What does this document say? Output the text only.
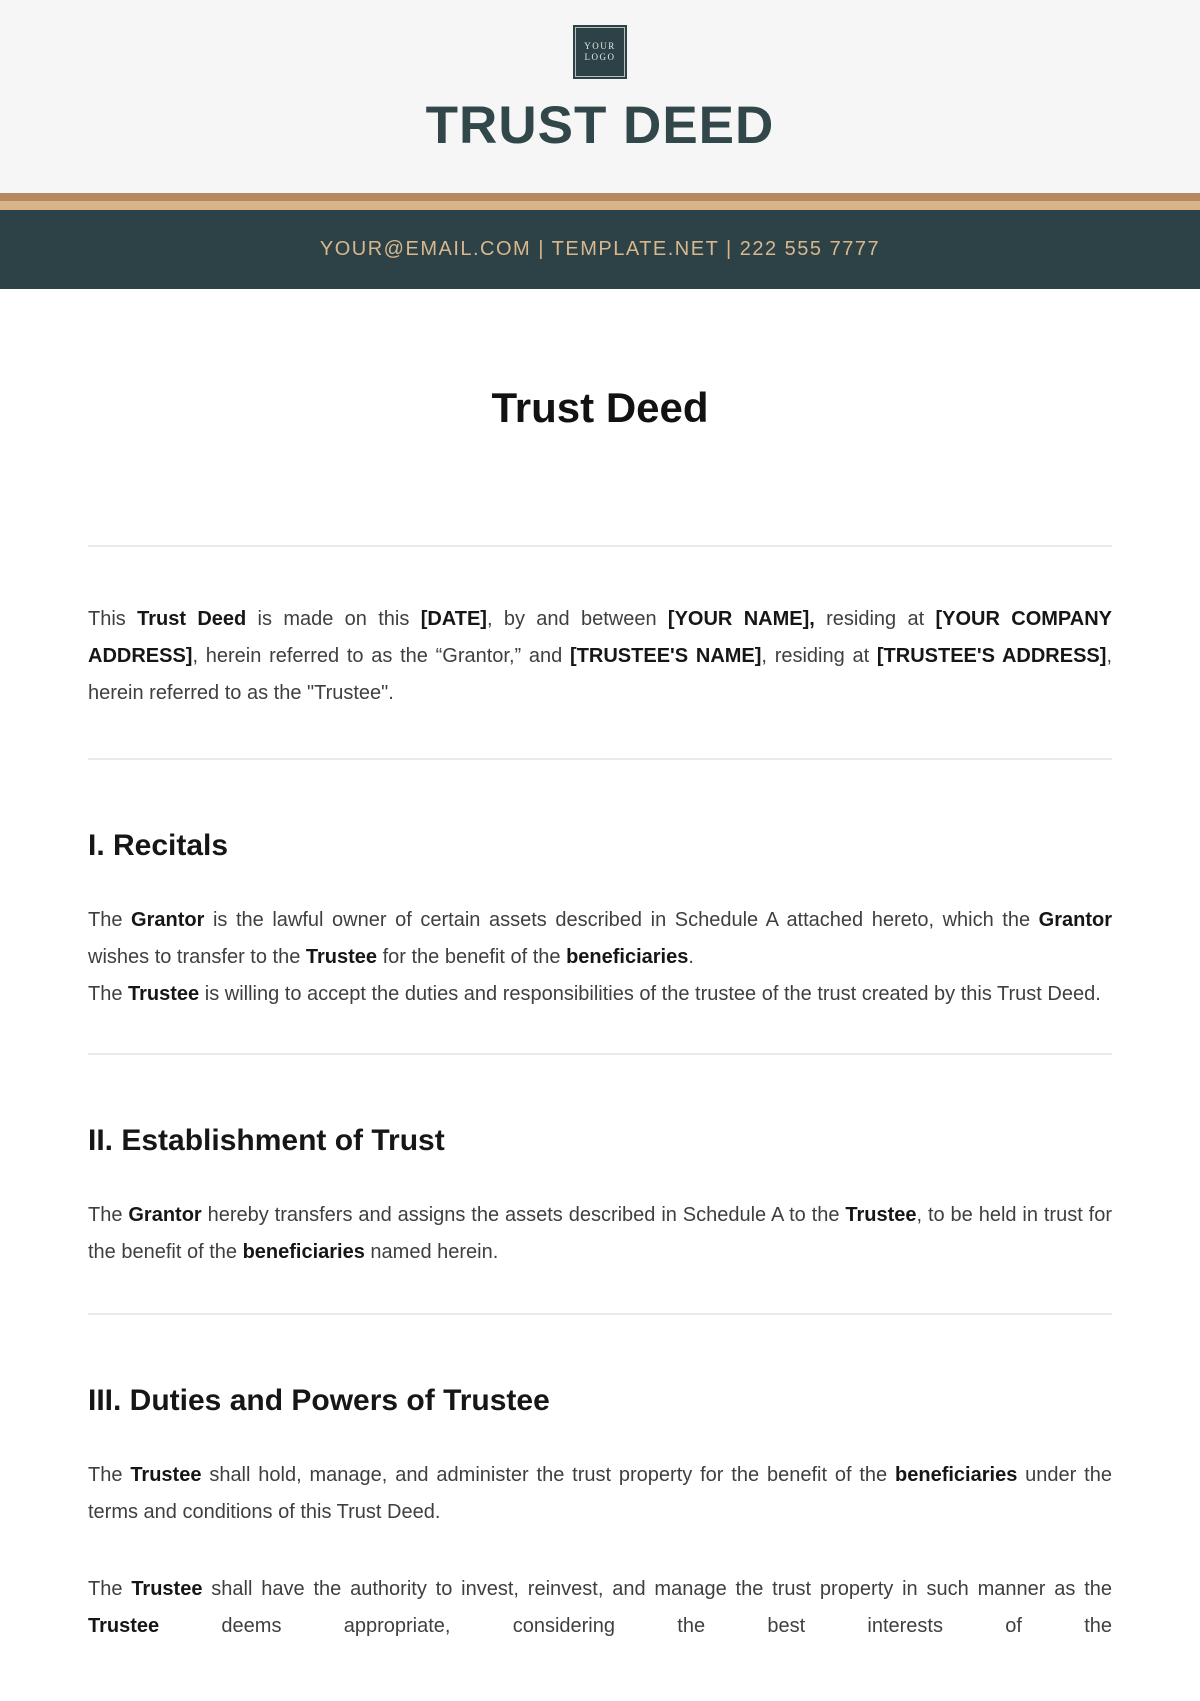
YOUR
LOGO
TRUST DEED
YOUR@EMAIL.COM | TEMPLATE.NET | 222 555 7777
Trust Deed

This Trust Deed is made on this [DATE], by and between [YOUR NAME], residing at [YOUR COMPANY ADDRESS], herein referred to as the “Grantor,” and [TRUSTEE'S NAME], residing at [TRUSTEE'S ADDRESS], herein referred to as the "Trustee".

I. Recitals

The Grantor is the lawful owner of certain assets described in Schedule A attached hereto, which the Grantor wishes to transfer to the Trustee for the benefit of the beneficiaries.

The Trustee is willing to accept the duties and responsibilities of the trustee of the trust created by this Trust Deed.

II. Establishment of Trust

The Grantor hereby transfers and assigns the assets described in Schedule A to the Trustee, to be held in trust for the benefit of the beneficiaries named herein.

III. Duties and Powers of Trustee

The Trustee shall hold, manage, and administer the trust property for the benefit of the beneficiaries under the terms and conditions of this Trust Deed.

The Trustee shall have the authority to invest, reinvest, and manage the trust property in such manner as the Trustee deems appropriate, considering the best interests of the
